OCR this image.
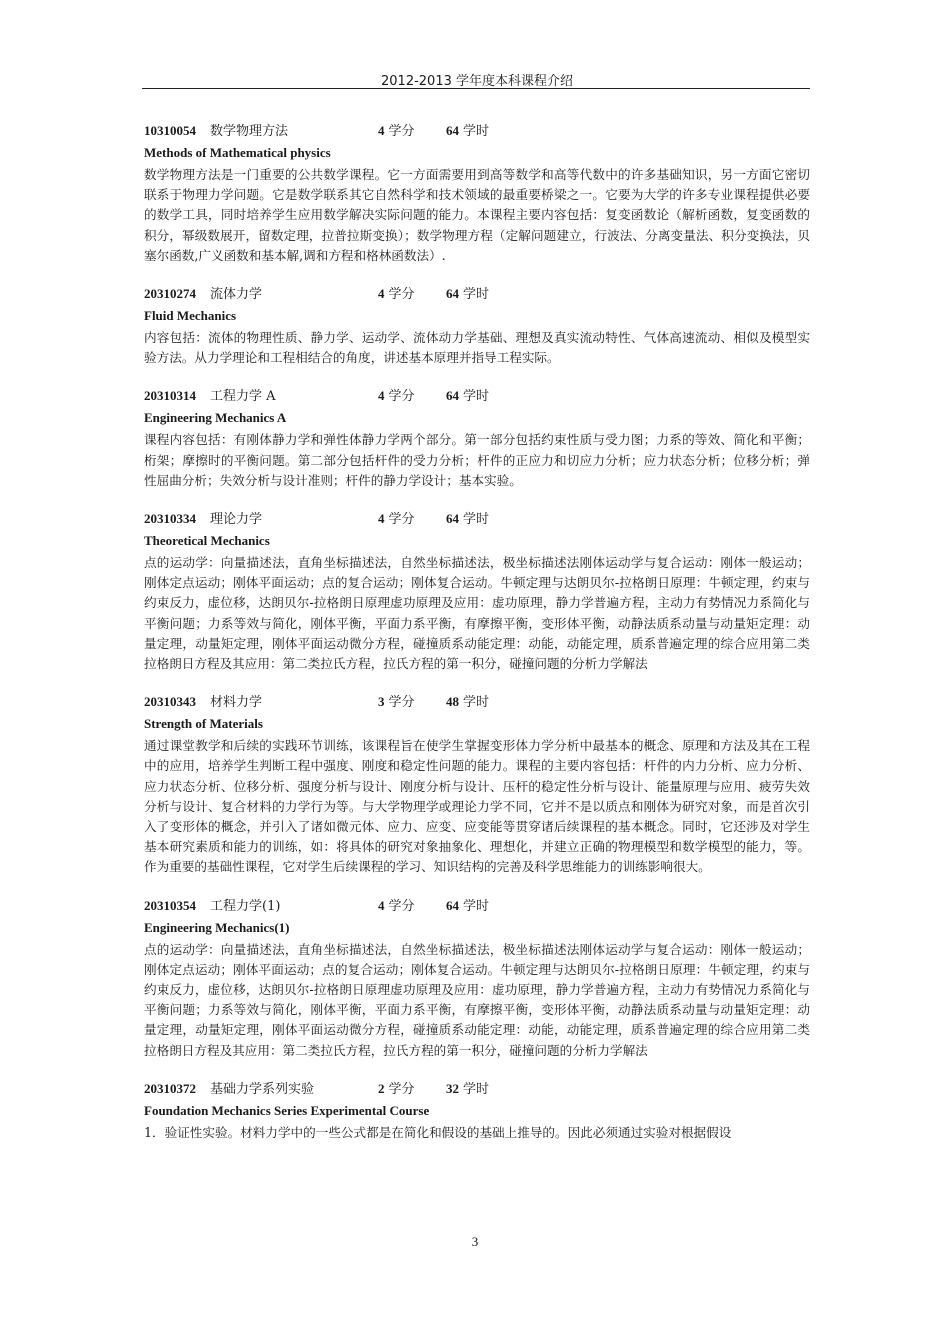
2012-2013 学年度本科课程介绍
10310054	数学物理方法	4 学分	64 学时
Methods of Mathematical physics

数学物理方法是一门重要的公共数学课程。它一方面需要用到高等数学和高等代数中的许多基础知识，另一方面它密切联系于物理力学问题。它是数学联系其它自然科学和技术领域的最重要桥梁之一。它要为大学的许多专业课程提供必要的数学工具，同时培养学生应用数学解决实际问题的能力。本课程主要内容包括：复变函数论（解析函数，复变函数的积分，幂级数展开，留数定理，拉普拉斯变换）；数学物理方程（定解问题建立，行波法、分离变量法、积分变换法，贝塞尔函数,广义函数和基本解,调和方程和格林函数法）.

20310274	流体力学	4 学分	64 学时
Fluid Mechanics

内容包括：流体的物理性质、静力学、运动学、流体动力学基础、理想及真实流动特性、气体高速流动、相似及模型实验方法。从力学理论和工程相结合的角度，讲述基本原理并指导工程实际。

20310314	工程力学 A	4 学分	64 学时
Engineering Mechanics A

课程内容包括：有刚体静力学和弹性体静力学两个部分。第一部分包括约束性质与受力图；力系的等效、简化和平衡；桁架；摩擦时的平衡问题。第二部分包括杆件的受力分析；杆件的正应力和切应力分析；应力状态分析；位移分析；弹性屈曲分析；失效分析与设计准则；杆件的静力学设计；基本实验。

20310334	理论力学	4 学分	64 学时
Theoretical Mechanics

点的运动学：向量描述法，直角坐标描述法，自然坐标描述法，极坐标描述法刚体运动学与复合运动：刚体一般运动；刚体定点运动；刚体平面运动；点的复合运动；刚体复合运动。牛顿定理与达朗贝尔-拉格朗日原理：牛顿定理，约束与约束反力，虚位移，达朗贝尔-拉格朗日原理虚功原理及应用：虚功原理，静力学普遍方程，主动力有势情况力系简化与平衡问题；力系等效与简化，刚体平衡，平面力系平衡，有摩擦平衡，变形体平衡，动静法质系动量与动量矩定理：动量定理，动量矩定理，刚体平面运动微分方程，碰撞质系动能定理：动能，动能定理，质系普遍定理的综合应用第二类拉格朗日方程及其应用：第二类拉氏方程，拉氏方程的第一积分，碰撞问题的分析力学解法

20310343	材料力学	3 学分	48 学时
Strength of Materials

通过课堂教学和后续的实践环节训练，该课程旨在使学生掌握变形体力学分析中最基本的概念、原理和方法及其在工程中的应用，培养学生判断工程中强度、刚度和稳定性问题的能力。课程的主要内容包括：杆件的内力分析、应力分析、应力状态分析、位移分析、强度分析与设计、刚度分析与设计、压杆的稳定性分析与设计、能量原理与应用、疲劳失效分析与设计、复合材料的力学行为等。与大学物理学或理论力学不同，它并不是以质点和刚体为研究对象，而是首次引入了变形体的概念，并引入了诸如微元体、应力、应变、应变能等贯穿诸后续课程的基本概念。同时，它还涉及对学生基本研究素质和能力的训练，如：将具体的研究对象抽象化、理想化，并建立正确的物理模型和数学模型的能力，等。作为重要的基础性课程，它对学生后续课程的学习、知识结构的完善及科学思维能力的训练影响很大。

20310354	工程力学(1)	4 学分	64 学时
Engineering Mechanics(1)

点的运动学：向量描述法，直角坐标描述法，自然坐标描述法，极坐标描述法刚体运动学与复合运动：刚体一般运动；刚体定点运动；刚体平面运动；点的复合运动；刚体复合运动。牛顿定理与达朗贝尔-拉格朗日原理：牛顿定理，约束与约束反力，虚位移，达朗贝尔-拉格朗日原理虚功原理及应用：虚功原理，静力学普遍方程，主动力有势情况力系简化与平衡问题；力系等效与简化，刚体平衡，平面力系平衡，有摩擦平衡，变形体平衡，动静法质系动量与动量矩定理：动量定理，动量矩定理，刚体平面运动微分方程，碰撞质系动能定理：动能，动能定理，质系普遍定理的综合应用第二类拉格朗日方程及其应用：第二类拉氏方程，拉氏方程的第一积分，碰撞问题的分析力学解法

20310372	基础力学系列实验	2 学分	32 学时
Foundation Mechanics Series Experimental Course

1．验证性实验。材料力学中的一些公式都是在简化和假设的基础上推导的。因此必须通过实验对根据假设

3
